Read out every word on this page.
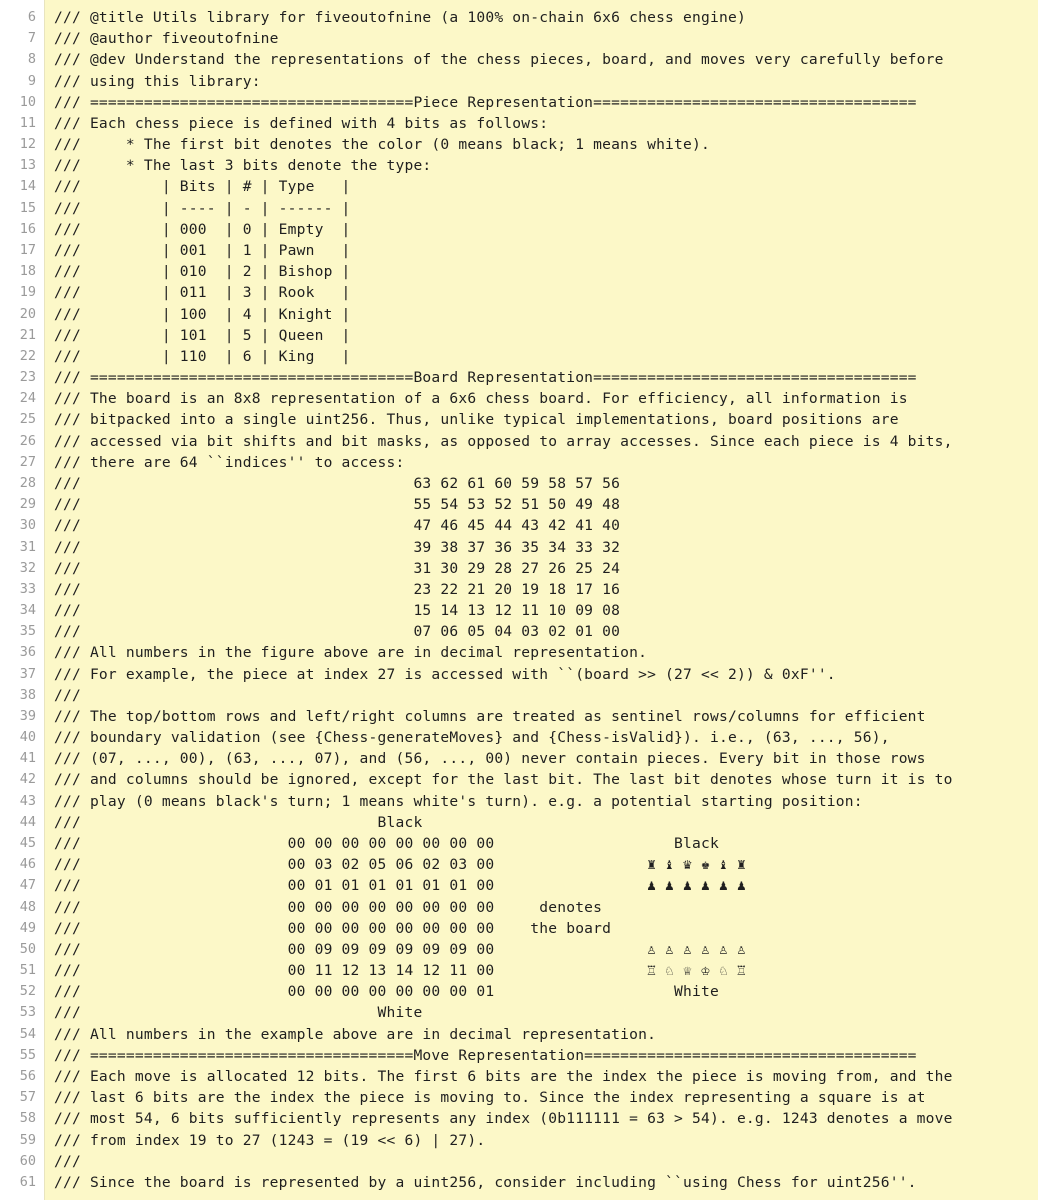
6 /// @title Utils library for fiveoutofnine (a 100% on-chain 6x6 chess engine)
7 /// @author fiveoutofnine
8 /// @dev Understand the representations of the chess pieces, board, and moves very carefully before
9 /// using this library:
10 /// ====================================Piece Representation====================================
11 /// Each chess piece is defined with 4 bits as follows:
12 ///     * The first bit denotes the color (0 means black; 1 means white).
13 ///     * The last 3 bits denote the type:
14 ///         | Bits | # | Type   |
15 ///         | ---- | - | ------ |
16 ///         | 000  | 0 | Empty  |
17 ///         | 001  | 1 | Pawn   |
18 ///         | 010  | 2 | Bishop |
19 ///         | 011  | 3 | Rook   |
20 ///         | 100  | 4 | Knight |
21 ///         | 101  | 5 | Queen  |
22 ///         | 110  | 6 | King   |
23 /// ====================================Board Representation====================================
24 /// The board is an 8x8 representation of a 6x6 chess board. For efficiency, all information is
25 /// bitpacked into a single uint256. Thus, unlike typical implementations, board positions are
26 /// accessed via bit shifts and bit masks, as opposed to array accesses. Since each piece is 4 bits,
27 /// there are 64 ``indices'' to access:
28 ///                                     63 62 61 60 59 58 57 56
29 ///                                     55 54 53 52 51 50 49 48
30 ///                                     47 46 45 44 43 42 41 40
31 ///                                     39 38 37 36 35 34 33 32
32 ///                                     31 30 29 28 27 26 25 24
33 ///                                     23 22 21 20 19 18 17 16
34 ///                                     15 14 13 12 11 10 09 08
35 ///                                     07 06 05 04 03 02 01 00
36 /// All numbers in the figure above are in decimal representation.
37 /// For example, the piece at index 27 is accessed with ``(board >> (27 << 2)) & 0xF''.
38 ///
39 /// The top/bottom rows and left/right columns are treated as sentinel rows/columns for efficient
40 /// boundary validation (see {Chess-generateMoves} and {Chess-isValid}). i.e., (63, ..., 56),
41 /// (07, ..., 00), (63, ..., 07), and (56, ..., 00) never contain pieces. Every bit in those rows
42 /// and columns should be ignored, except for the last bit. The last bit denotes whose turn it is to
43 /// play (0 means black's turn; 1 means white's turn). e.g. a potential starting position:
44 ///                                 Black
45 ///                       00 00 00 00 00 00 00 00                    Black
46 ///                       00 03 02 05 06 02 03 00                 ♜ ♝ ♛ ♚ ♝ ♜
47 ///                       00 01 01 01 01 01 01 00                 ♟ ♟ ♟ ♟ ♟ ♟
48 ///                       00 00 00 00 00 00 00 00     denotes
49 ///                       00 00 00 00 00 00 00 00    the board
50 ///                       00 09 09 09 09 09 09 00                 ♙ ♙ ♙ ♙ ♙ ♙
51 ///                       00 11 12 13 14 12 11 00                 ♖ ♘ ♕ ♔ ♘ ♖
52 ///                       00 00 00 00 00 00 00 01                    White
53 ///                                 White
54 /// All numbers in the example above are in decimal representation.
55 /// ====================================Move Representation=====================================
56 /// Each move is allocated 12 bits. The first 6 bits are the index the piece is moving from, and the
57 /// last 6 bits are the index the piece is moving to. Since the index representing a square is at
58 /// most 54, 6 bits sufficiently represents any index (0b111111 = 63 > 54). e.g. 1243 denotes a move
59 /// from index 19 to 27 (1243 = (19 << 6) | 27).
60 ///
61 /// Since the board is represented by a uint256, consider including ``using Chess for uint256''.
